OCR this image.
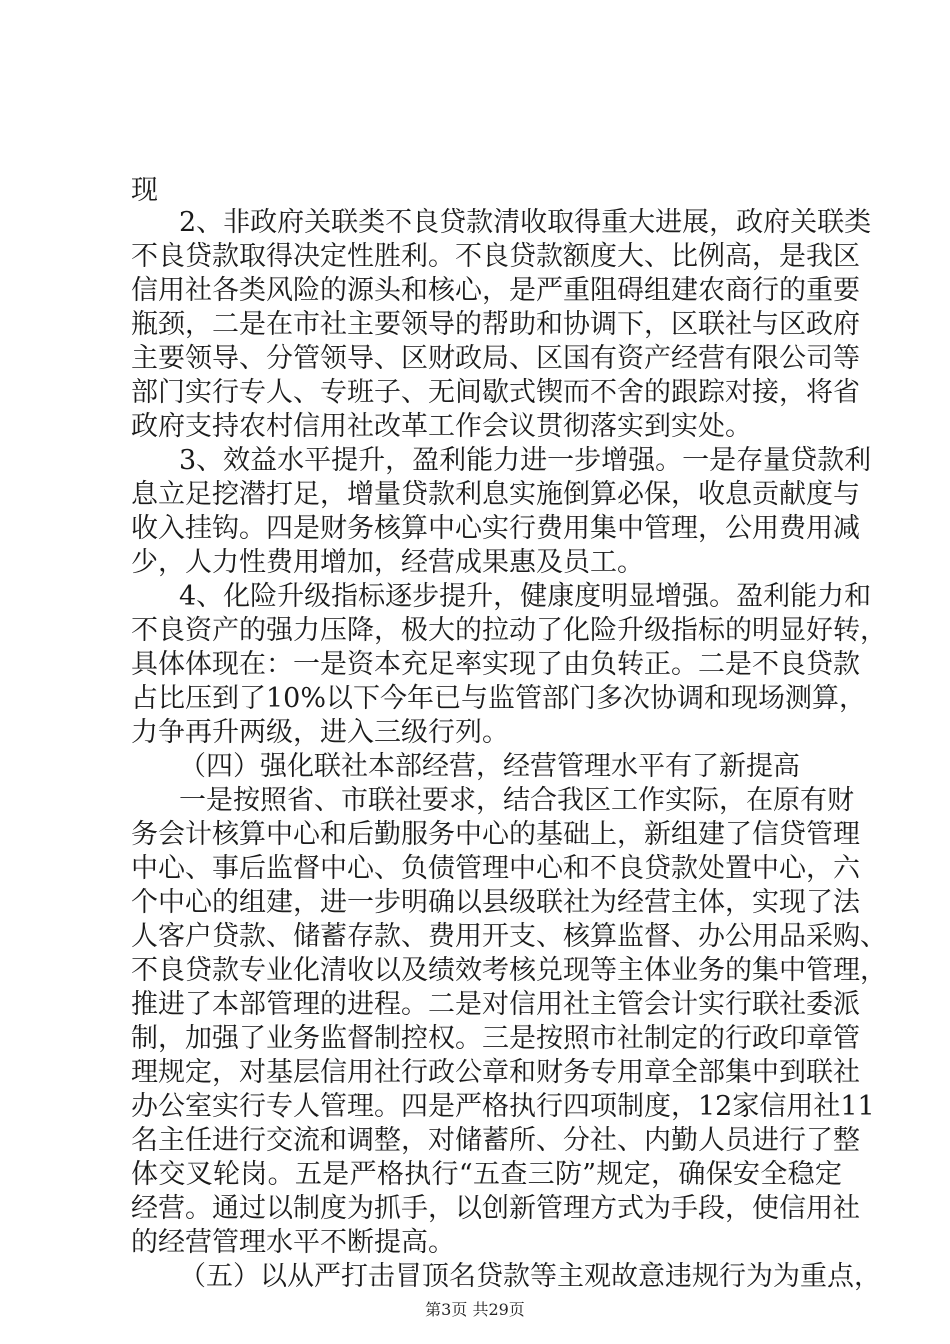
现
2、非政府关联类不良贷款清收取得重大进展，政府关联类
不良贷款取得决定性胜利。不良贷款额度大、比例高，是我区
信用社各类风险的源头和核心，是严重阻碍组建农商行的重要
瓶颈，二是在市社主要领导的帮助和协调下，区联社与区政府
主要领导、分管领导、区财政局、区国有资产经营有限公司等
部门实行专人、专班子、无间歇式锲而不舍的跟踪对接，将省
政府支持农村信用社改革工作会议贯彻落实到实处。
3、效益水平提升，盈利能力进一步增强。一是存量贷款利
息立足挖潜打足，增量贷款利息实施倒算必保，收息贡献度与
收入挂钩。四是财务核算中心实行费用集中管理，公用费用减
少，人力性费用增加，经营成果惠及员工。
4、化险升级指标逐步提升，健康度明显增强。盈利能力和
不良资产的强力压降，极大的拉动了化险升级指标的明显好转，
具体体现在：一是资本充足率实现了由负转正。二是不良贷款
占比压到了10%以下今年已与监管部门多次协调和现场测算，
力争再升两级，进入三级行列。
（四）强化联社本部经营，经营管理水平有了新提高
一是按照省、市联社要求，结合我区工作实际，在原有财
务会计核算中心和后勤服务中心的基础上，新组建了信贷管理
中心、事后监督中心、负债管理中心和不良贷款处置中心，六
个中心的组建，进一步明确以县级联社为经营主体，实现了法
人客户贷款、储蓄存款、费用开支、核算监督、办公用品采购、
不良贷款专业化清收以及绩效考核兑现等主体业务的集中管理，
推进了本部管理的进程。二是对信用社主管会计实行联社委派
制，加强了业务监督制控权。三是按照市社制定的行政印章管
理规定，对基层信用社行政公章和财务专用章全部集中到联社
办公室实行专人管理。四是严格执行四项制度，12家信用社11
名主任进行交流和调整，对储蓄所、分社、内勤人员进行了整
体交叉轮岗。五是严格执行“五查三防”规定，确保安全稳定
经营。通过以制度为抓手，以创新管理方式为手段，使信用社
的经营管理水平不断提高。
（五）以从严打击冒顶名贷款等主观故意违规行为为重点，
第3页 共29页
